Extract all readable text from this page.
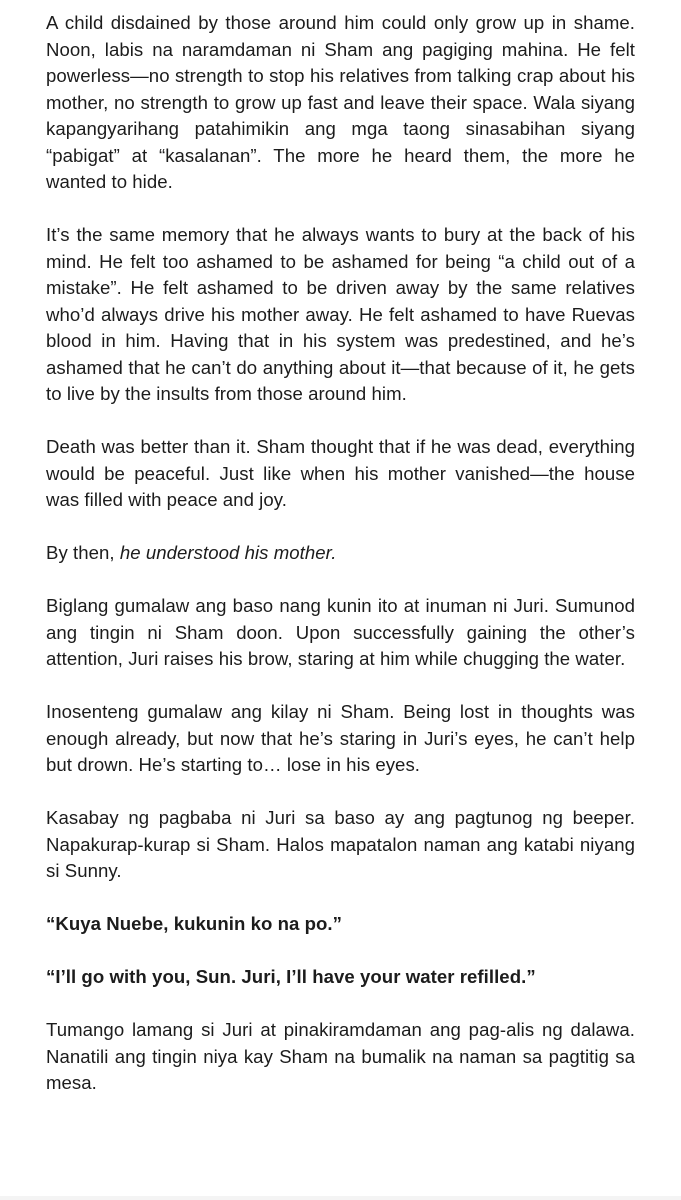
A child disdained by those around him could only grow up in shame. Noon, labis na naramdaman ni Sham ang pagiging mahina. He felt powerless—no strength to stop his relatives from talking crap about his mother, no strength to grow up fast and leave their space. Wala siyang kapangyarihang patahimikin ang mga taong sinasabihan siyang “pabigat” at “kasalanan”. The more he heard them, the more he wanted to hide.

It’s the same memory that he always wants to bury at the back of his mind. He felt too ashamed to be ashamed for being “a child out of a mistake”. He felt ashamed to be driven away by the same relatives who’d always drive his mother away. He felt ashamed to have Ruevas blood in him. Having that in his system was predestined, and he’s ashamed that he can’t do anything about it—that because of it, he gets to live by the insults from those around him.

Death was better than it. Sham thought that if he was dead, everything would be peaceful. Just like when his mother vanished—the house was filled with peace and joy.

By then, he understood his mother.

Biglang gumalaw ang baso nang kunin ito at inuman ni Juri. Sumunod ang tingin ni Sham doon. Upon successfully gaining the other’s attention, Juri raises his brow, staring at him while chugging the water.

Inosenteng gumalaw ang kilay ni Sham. Being lost in thoughts was enough already, but now that he’s staring in Juri’s eyes, he can’t help but drown. He’s starting to… lose in his eyes.

Kasabay ng pagbaba ni Juri sa baso ay ang pagtunog ng beeper. Napakurap-kurap si Sham. Halos mapatalon naman ang katabi niyang si Sunny.

“Kuya Nuebe, kukunin ko na po.”

“I’ll go with you, Sun. Juri, I’ll have your water refilled.”

Tumango lamang si Juri at pinakiramdaman ang pag-alis ng dalawa. Nanatili ang tingin niya kay Sham na bumalik na naman sa pagtitig sa mesa.
